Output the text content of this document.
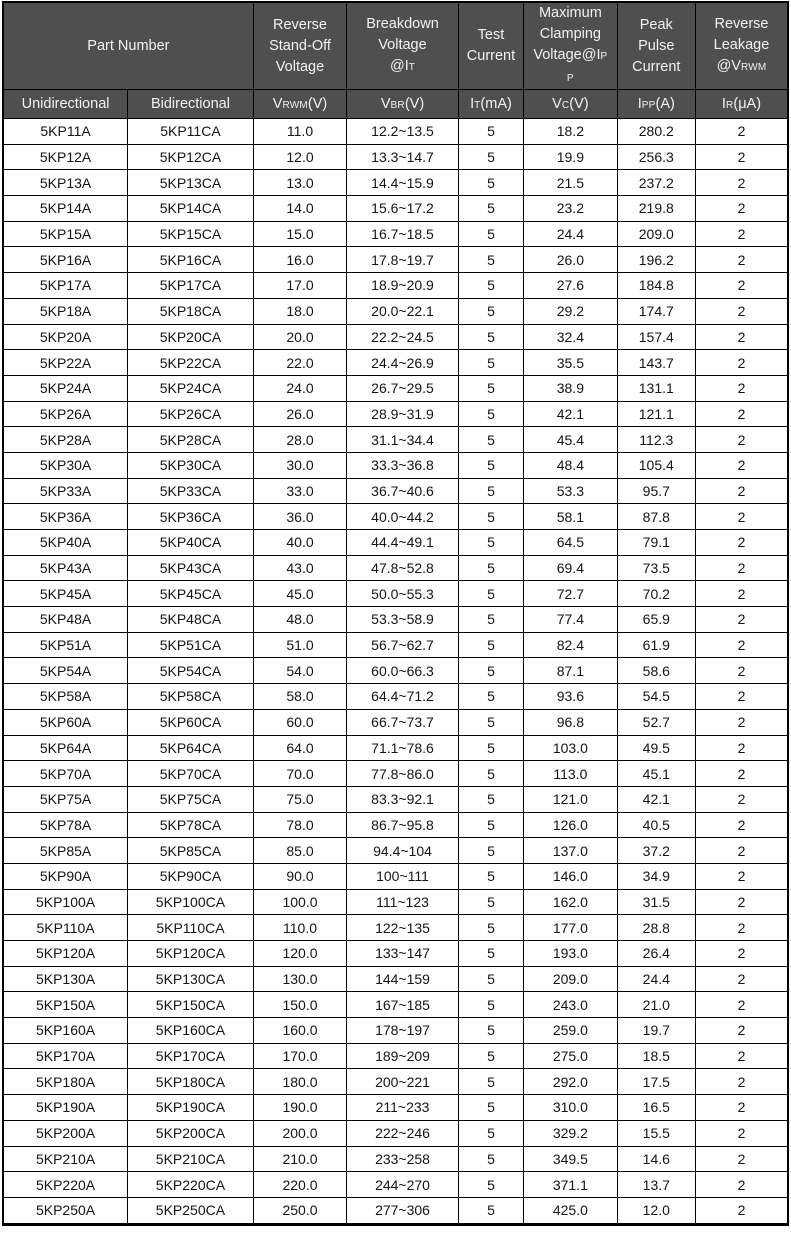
Part Number	
Reverse
Stand-Off
Voltage

Breakdown
Voltage
@IT

Test
Current

Maximum
Clamping
Voltage@IP
P

Peak
Pulse
Current

Reverse
Leakage
@VRWM

Unidirectional	Bidirectional	VRWM(V)	VBR(V)	IT(mA)	VC(V)	IPP(A)	IR(μA)
5KP11A	5KP11CA	11.0	12.2~13.5	5	18.2	280.2	2
5KP12A	5KP12CA	12.0	13.3~14.7	5	19.9	256.3	2
5KP13A	5KP13CA	13.0	14.4~15.9	5	21.5	237.2	2
5KP14A	5KP14CA	14.0	15.6~17.2	5	23.2	219.8	2
5KP15A	5KP15CA	15.0	16.7~18.5	5	24.4	209.0	2
5KP16A	5KP16CA	16.0	17.8~19.7	5	26.0	196.2	2
5KP17A	5KP17CA	17.0	18.9~20.9	5	27.6	184.8	2
5KP18A	5KP18CA	18.0	20.0~22.1	5	29.2	174.7	2
5KP20A	5KP20CA	20.0	22.2~24.5	5	32.4	157.4	2
5KP22A	5KP22CA	22.0	24.4~26.9	5	35.5	143.7	2
5KP24A	5KP24CA	24.0	26.7~29.5	5	38.9	131.1	2
5KP26A	5KP26CA	26.0	28.9~31.9	5	42.1	121.1	2
5KP28A	5KP28CA	28.0	31.1~34.4	5	45.4	112.3	2
5KP30A	5KP30CA	30.0	33.3~36.8	5	48.4	105.4	2
5KP33A	5KP33CA	33.0	36.7~40.6	5	53.3	95.7	2
5KP36A	5KP36CA	36.0	40.0~44.2	5	58.1	87.8	2
5KP40A	5KP40CA	40.0	44.4~49.1	5	64.5	79.1	2
5KP43A	5KP43CA	43.0	47.8~52.8	5	69.4	73.5	2
5KP45A	5KP45CA	45.0	50.0~55.3	5	72.7	70.2	2
5KP48A	5KP48CA	48.0	53.3~58.9	5	77.4	65.9	2
5KP51A	5KP51CA	51.0	56.7~62.7	5	82.4	61.9	2
5KP54A	5KP54CA	54.0	60.0~66.3	5	87.1	58.6	2
5KP58A	5KP58CA	58.0	64.4~71.2	5	93.6	54.5	2
5KP60A	5KP60CA	60.0	66.7~73.7	5	96.8	52.7	2
5KP64A	5KP64CA	64.0	71.1~78.6	5	103.0	49.5	2
5KP70A	5KP70CA	70.0	77.8~86.0	5	113.0	45.1	2
5KP75A	5KP75CA	75.0	83.3~92.1	5	121.0	42.1	2
5KP78A	5KP78CA	78.0	86.7~95.8	5	126.0	40.5	2
5KP85A	5KP85CA	85.0	94.4~104	5	137.0	37.2	2
5KP90A	5KP90CA	90.0	100~111	5	146.0	34.9	2
5KP100A	5KP100CA	100.0	111~123	5	162.0	31.5	2
5KP110A	5KP110CA	110.0	122~135	5	177.0	28.8	2
5KP120A	5KP120CA	120.0	133~147	5	193.0	26.4	2
5KP130A	5KP130CA	130.0	144~159	5	209.0	24.4	2
5KP150A	5KP150CA	150.0	167~185	5	243.0	21.0	2
5KP160A	5KP160CA	160.0	178~197	5	259.0	19.7	2
5KP170A	5KP170CA	170.0	189~209	5	275.0	18.5	2
5KP180A	5KP180CA	180.0	200~221	5	292.0	17.5	2
5KP190A	5KP190CA	190.0	211~233	5	310.0	16.5	2
5KP200A	5KP200CA	200.0	222~246	5	329.2	15.5	2
5KP210A	5KP210CA	210.0	233~258	5	349.5	14.6	2
5KP220A	5KP220CA	220.0	244~270	5	371.1	13.7	2
5KP250A	5KP250CA	250.0	277~306	5	425.0	12.0	2
